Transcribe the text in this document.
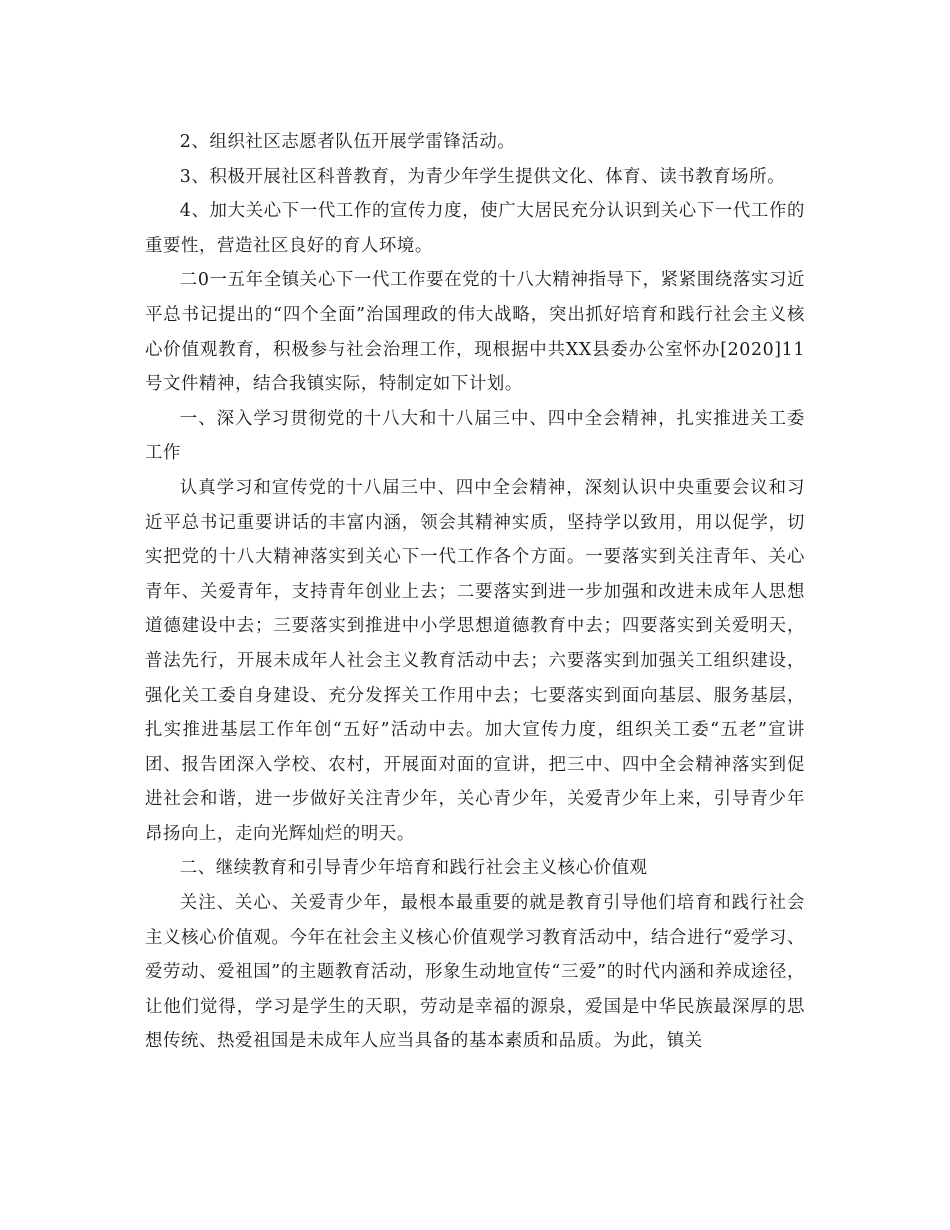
2、组织社区志愿者队伍开展学雷锋活动。

3、积极开展社区科普教育，为青少年学生提供文化、体育、读书教育场所。

4、加大关心下一代工作的宣传力度，使广大居民充分认识到关心下一代工作的重要性，营造社区良好的育人环境。

二0一五年全镇关心下一代工作要在党的十八大精神指导下，紧紧围绕落实习近平总书记提出的“四个全面”治国理政的伟大战略，突出抓好培育和践行社会主义核心价值观教育，积极参与社会治理工作，现根据中共XX县委办公室怀办[2020]11号文件精神，结合我镇实际，特制定如下计划。

一、深入学习贯彻党的十八大和十八届三中、四中全会精神，扎实推进关工委工作

认真学习和宣传党的十八届三中、四中全会精神，深刻认识中央重要会议和习近平总书记重要讲话的丰富内涵，领会其精神实质，坚持学以致用，用以促学，切实把党的十八大精神落实到关心下一代工作各个方面。一要落实到关注青年、关心青年、关爱青年，支持青年创业上去；二要落实到进一步加强和改进未成年人思想道德建设中去；三要落实到推进中小学思想道德教育中去；四要落实到关爱明天，普法先行，开展未成年人社会主义教育活动中去；六要落实到加强关工组织建设，强化关工委自身建设、充分发挥关工作用中去；七要落实到面向基层、服务基层，扎实推进基层工作年创“五好”活动中去。加大宣传力度，组织关工委“五老”宣讲团、报告团深入学校、农村，开展面对面的宣讲，把三中、四中全会精神落实到促进社会和谐，进一步做好关注青少年，关心青少年，关爱青少年上来，引导青少年昂扬向上，走向光辉灿烂的明天。

二、继续教育和引导青少年培育和践行社会主义核心价值观

关注、关心、关爱青少年，最根本最重要的就是教育引导他们培育和践行社会主义核心价值观。今年在社会主义核心价值观学习教育活动中，结合进行“爱学习、爱劳动、爱祖国”的主题教育活动，形象生动地宣传“三爱”的时代内涵和养成途径，让他们觉得，学习是学生的天职，劳动是幸福的源泉，爱国是中华民族最深厚的思想传统、热爱祖国是未成年人应当具备的基本素质和品质。为此，镇关
